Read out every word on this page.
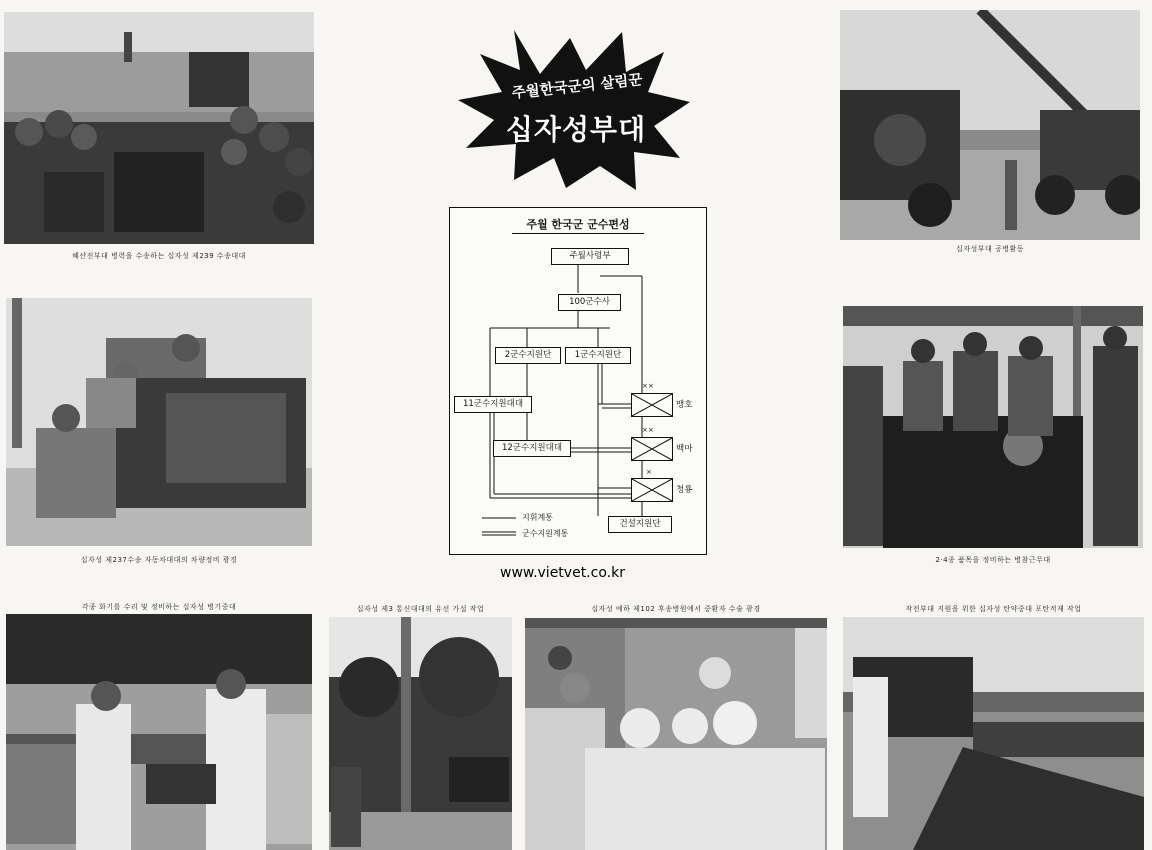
혜산진부대 병력을 수송하는 십자성 제239 수송대대
십자성부대 공병활동
십자성 제237수송 자동차대대의 차량정비 광경	2·4종 품목을 정비하는 병참근무대
각종 화기를 수리 및 정비하는 십자성 병기중대	십자성 제3 통신대대의 유선 가설 작업	십자성 예하 제102 후송병원에서 중환자 수술 광경	작전부대 지원을 위한 십자성 탄약중대 포탄적재 작업
주월한국군의 살림꾼
십자성부대
주월 한국군 군수편성
주월사령부
100군수사
2군수지원단	1군수지원단
11군수지원대대
12군수지원대대
건설지원단
××
맹호
××
백마
×
청룡
지휘계통
군수지원계통
www.vietvet.co.kr
